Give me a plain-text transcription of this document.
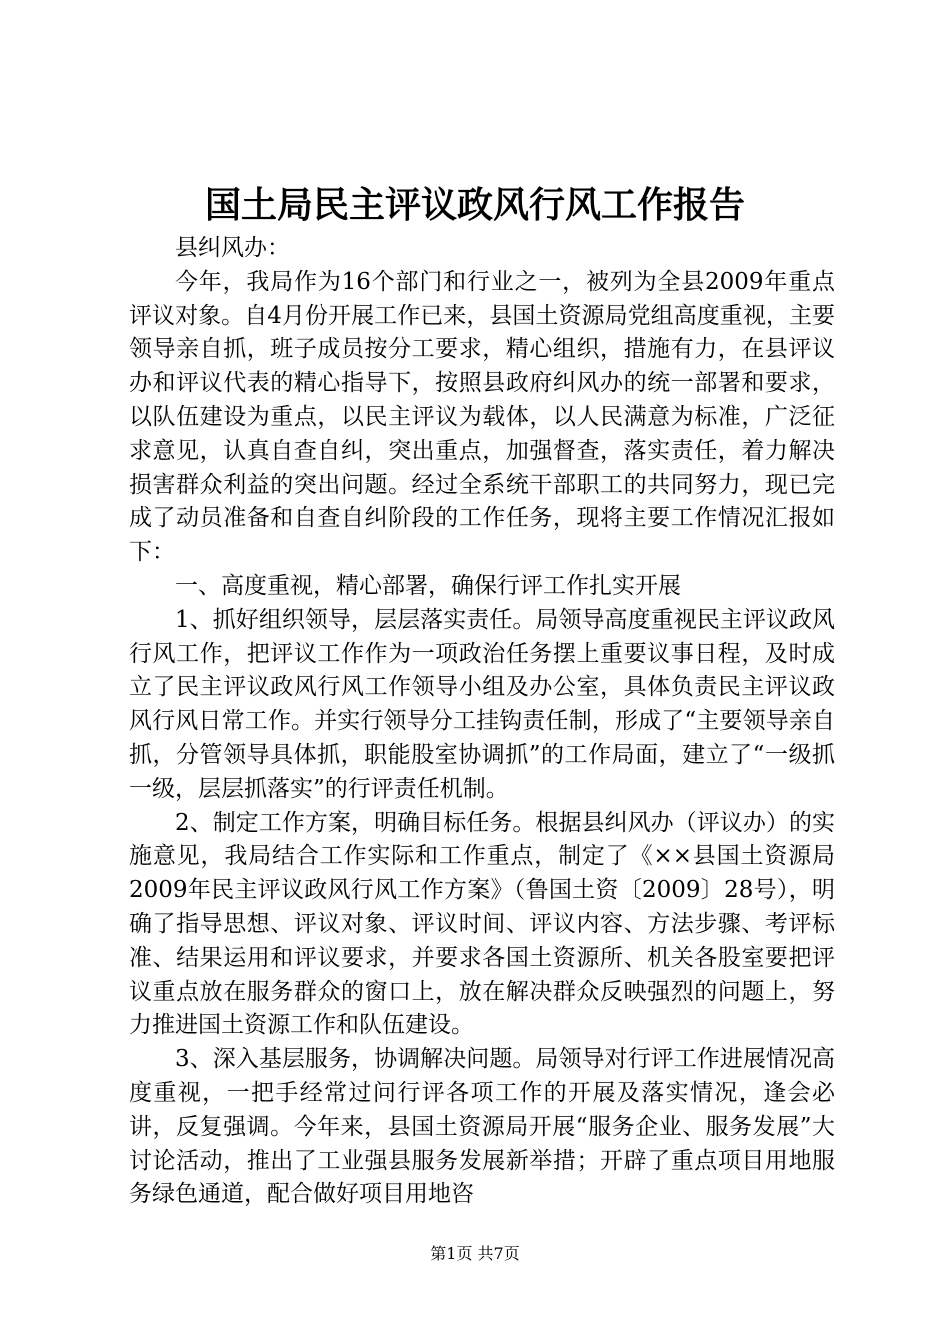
国土局民主评议政风行风工作报告

县纠风办：

今年，我局作为16个部门和行业之一，被列为全县2009年重点评议对象。自4月份开展工作已来，县国土资源局党组高度重视，主要领导亲自抓，班子成员按分工要求，精心组织，措施有力，在县评议办和评议代表的精心指导下，按照县政府纠风办的统一部署和要求，以队伍建设为重点，以民主评议为载体，以人民满意为标准，广泛征求意见，认真自查自纠，突出重点，加强督查，落实责任，着力解决损害群众利益的突出问题。经过全系统干部职工的共同努力，现已完成了动员准备和自查自纠阶段的工作任务，现将主要工作情况汇报如下：

一、高度重视，精心部署，确保行评工作扎实开展

1、抓好组织领导，层层落实责任。局领导高度重视民主评议政风行风工作，把评议工作作为一项政治任务摆上重要议事日程，及时成立了民主评议政风行风工作领导小组及办公室，具体负责民主评议政风行风日常工作。并实行领导分工挂钩责任制，形成了“主要领导亲自抓，分管领导具体抓，职能股室协调抓”的工作局面，建立了“一级抓一级，层层抓落实”的行评责任机制。

2、制定工作方案，明确目标任务。根据县纠风办（评议办）的实施意见，我局结合工作实际和工作重点，制定了《××县国土资源局2009年民主评议政风行风工作方案》（鲁国土资〔2009〕28号），明确了指导思想、评议对象、评议时间、评议内容、方法步骤、考评标准、结果运用和评议要求，并要求各国土资源所、机关各股室要把评议重点放在服务群众的窗口上，放在解决群众反映强烈的问题上，努力推进国土资源工作和队伍建设。

3、深入基层服务，协调解决问题。局领导对行评工作进展情况高度重视，一把手经常过问行评各项工作的开展及落实情况，逢会必讲，反复强调。今年来，县国土资源局开展“服务企业、服务发展”大讨论活动，推出了工业强县服务发展新举措；开辟了重点项目用地服务绿色通道，配合做好项目用地咨

第1页 共7页
